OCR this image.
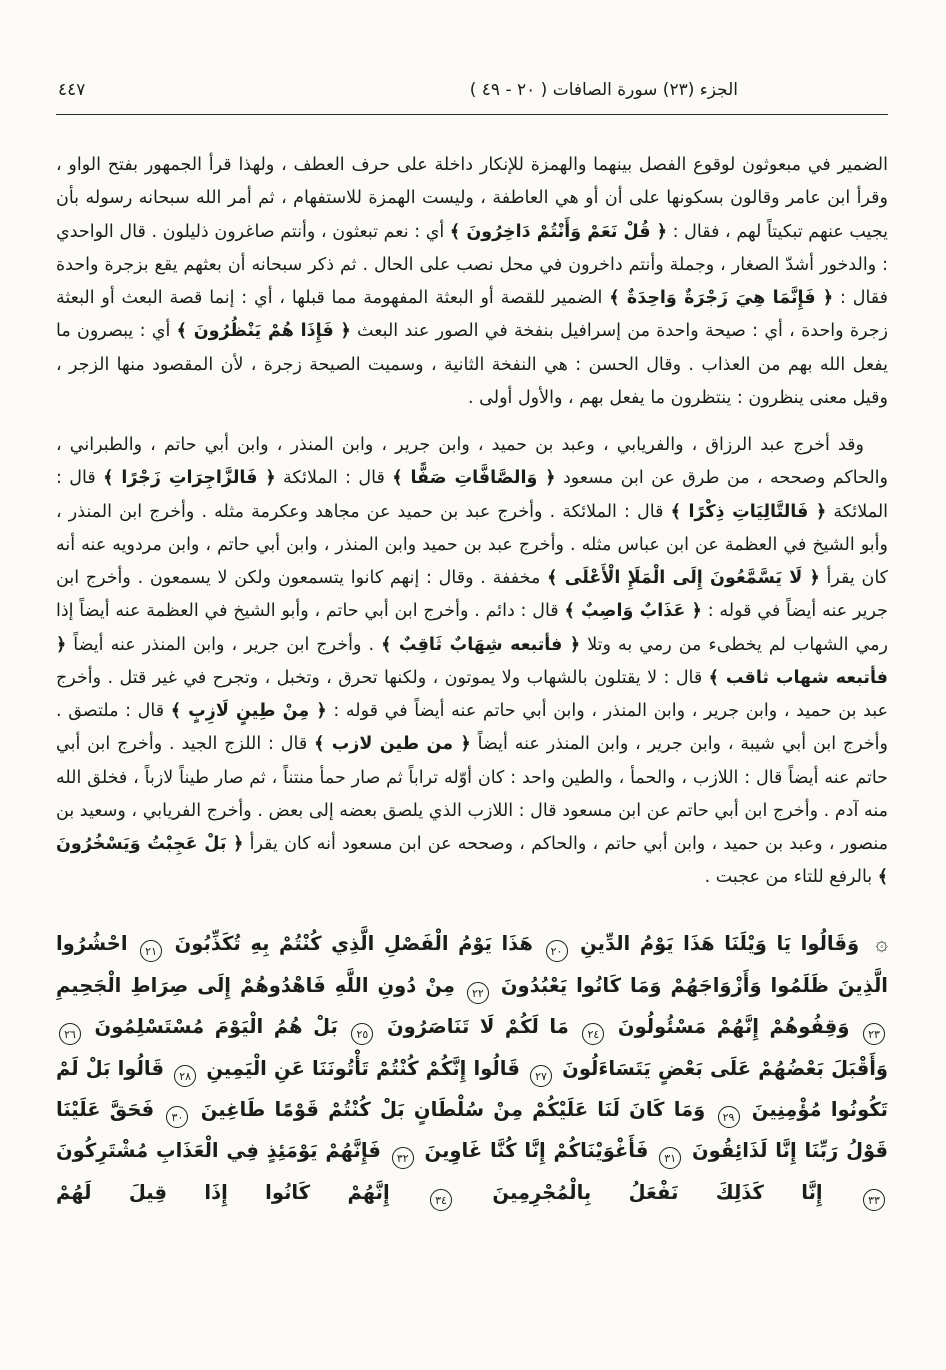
الجزء (٢٣) سورة الصافات ( ٢٠ - ٤٩ )
٤٤٧

الضمير في مبعوثون لوقوع الفصل بينهما والهمزة للإنكار داخلة على حرف العطف ، ولهذا قرأ الجمهور بفتح الواو ، وقرأ ابن عامر وقالون بسكونها على أن أو هي العاطفة ، وليست الهمزة للاستفهام ، ثم أمر الله سبحانه رسوله بأن يجيب عنهم تبكيتاً لهم ، فقال : ﴿ قُلْ نَعَمْ وَأَنْتُمْ دَاخِرُونَ ﴾ أي : نعم تبعثون ، وأنتم صاغرون ذليلون . قال الواحدي : والدخور أشدّ الصغار ، وجملة وأنتم داخرون في محل نصب على الحال . ثم ذكر سبحانه أن بعثهم يقع بزجرة واحدة فقال : ﴿ فَإِنَّمَا هِيَ زَجْرَةٌ وَاحِدَةٌ ﴾ الضمير للقصة أو البعثة المفهومة مما قبلها ، أي : إنما قصة البعث أو البعثة زجرة واحدة ، أي : صيحة واحدة من إسرافيل بنفخة في الصور عند البعث ﴿ فَإِذَا هُمْ يَنْظُرُونَ ﴾ أي : يبصرون ما يفعل الله بهم من العذاب . وقال الحسن : هي النفخة الثانية ، وسميت الصيحة زجرة ، لأن المقصود منها الزجر ، وقيل معنى ينظرون : ينتظرون ما يفعل بهم ، والأول أولى .

وقد أخرج عبد الرزاق ، والفريابي ، وعبد بن حميد ، وابن جرير ، وابن المنذر ، وابن أبي حاتم ، والطبراني ، والحاكم وصححه ، من طرق عن ابن مسعود ﴿ وَالصَّافَّاتِ صَفًّا ﴾ قال : الملائكة ﴿ فَالزَّاجِرَاتِ زَجْرًا ﴾ قال : الملائكة ﴿ فَالتَّالِيَاتِ ذِكْرًا ﴾ قال : الملائكة . وأخرج عبد بن حميد عن مجاهد وعكرمة مثله . وأخرج ابن المنذر ، وأبو الشيخ في العظمة عن ابن عباس مثله . وأخرج عبد بن حميد وابن المنذر ، وابن أبي حاتم ، وابن مردويه عنه أنه كان يقرأ ﴿ لَا يَسَّمَّعُونَ إِلَى الْمَلَإِ الْأَعْلَى ﴾ مخففة . وقال : إنهم كانوا يتسمعون ولكن لا يسمعون . وأخرج ابن جرير عنه أيضاً في قوله : ﴿ عَذَابٌ وَاصِبٌ ﴾ قال : دائم . وأخرج ابن أبي حاتم ، وأبو الشيخ في العظمة عنه أيضاً إذا رمي الشهاب لم يخطىء من رمي به وتلا ﴿ فأتبعه شِهَابٌ ثَاقِبٌ ﴾ . وأخرج ابن جرير ، وابن المنذر عنه أيضاً ﴿ فأتبعه شهاب ثاقب ﴾ قال : لا يقتلون بالشهاب ولا يموتون ، ولكنها تحرق ، وتخبل ، وتجرح في غير قتل . وأخرج عبد بن حميد ، وابن جرير ، وابن المنذر ، وابن أبي حاتم عنه أيضاً في قوله : ﴿ مِنْ طِينٍ لَازِبٍ ﴾ قال : ملتصق . وأخرج ابن أبي شيبة ، وابن جرير ، وابن المنذر عنه أيضاً ﴿ من طين لازب ﴾ قال : اللزج الجيد . وأخرج ابن أبي حاتم عنه أيضاً قال : اللازب ، والحمأ ، والطين واحد : كان أوّله تراباً ثم صار حمأ منتناً ، ثم صار طيناً لازباً ، فخلق الله منه آدم . وأخرج ابن أبي حاتم عن ابن مسعود قال : اللازب الذي يلصق بعضه إلى بعض . وأخرج الفريابي ، وسعيد بن منصور ، وعبد بن حميد ، وابن أبي حاتم ، والحاكم ، وصححه عن ابن مسعود أنه كان يقرأ ﴿ بَلْ عَجِبْتُ وَيَسْخُرُونَ ﴾ بالرفع للتاء من عجبت .

۞ وَقَالُوا يَا وَيْلَنَا هَذَا يَوْمُ الدِّينِ ٢٠ هَذَا يَوْمُ الْفَصْلِ الَّذِي كُنْتُمْ بِهِ تُكَذِّبُونَ ٢١ احْشُرُوا الَّذِينَ ظَلَمُوا وَأَزْوَاجَهُمْ وَمَا كَانُوا يَعْبُدُونَ ٢٢ مِنْ دُونِ اللَّهِ فَاهْدُوهُمْ إِلَى صِرَاطِ الْجَحِيمِ ٢٣ وَقِفُوهُمْ إِنَّهُمْ مَسْئُولُونَ ٢٤ مَا لَكُمْ لَا تَنَاصَرُونَ ٢٥ بَلْ هُمُ الْيَوْمَ مُسْتَسْلِمُونَ ٢٦ وَأَقْبَلَ بَعْضُهُمْ عَلَى بَعْضٍ يَتَسَاءَلُونَ ٢٧ قَالُوا إِنَّكُمْ كُنْتُمْ تَأْتُونَنَا عَنِ الْيَمِينِ ٢٨ قَالُوا بَلْ لَمْ تَكُونُوا مُؤْمِنِينَ ٢٩ وَمَا كَانَ لَنَا عَلَيْكُمْ مِنْ سُلْطَانٍ بَلْ كُنْتُمْ قَوْمًا طَاغِينَ ٣٠ فَحَقَّ عَلَيْنَا قَوْلُ رَبِّنَا إِنَّا لَذَائِقُونَ ٣١ فَأَغْوَيْنَاكُمْ إِنَّا كُنَّا غَاوِينَ ٣٢ فَإِنَّهُمْ يَوْمَئِذٍ فِي الْعَذَابِ مُشْتَرِكُونَ ٣٣ إِنَّا كَذَلِكَ نَفْعَلُ بِالْمُجْرِمِينَ ٣٤ إِنَّهُمْ كَانُوا إِذَا قِيلَ لَهُمْ
